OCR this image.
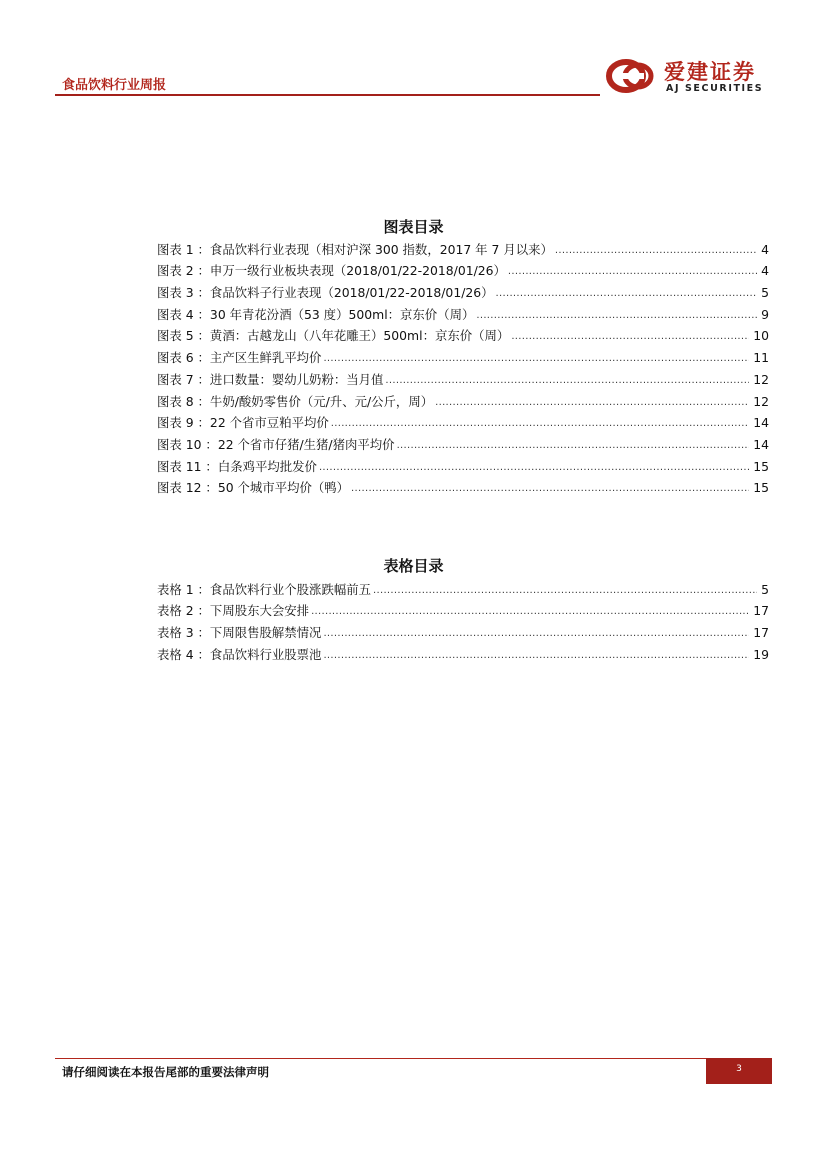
食品饮料行业周报
爱建证券
AJ SECURITIES
图表目录
图表 1 ：食品饮料行业表现（相对沪深 300 指数，2017 年 7 月以来） .....	4
图表 2 ：申万一级行业板块表现（2018/01/22-2018/01/26） .....	4
图表 3 ：食品饮料子行业表现（2018/01/22-2018/01/26） .....	5
图表 4 ：30 年青花汾酒（53 度）500ml：京东价（周） .....	9
图表 5 ：黄酒：古越龙山（八年花雕王）500ml：京东价（周） .....	10
图表 6 ：主产区生鲜乳平均价 .....	11
图表 7 ：进口数量：婴幼儿奶粉：当月值 .....	12
图表 8 ：牛奶/酸奶零售价（元/升、元/公斤，周） .....	12
图表 9 ：22 个省市豆粕平均价 .....	14
图表 10 ：22 个省市仔猪/生猪/猪肉平均价 .....	14
图表 11 ：白条鸡平均批发价 .....	15
图表 12 ：50 个城市平均价（鸭） .....	15
表格目录
表格 1 ：食品饮料行业个股涨跌幅前五 .....	5
表格 2 ：下周股东大会安排 .....	17
表格 3 ：下周限售股解禁情况 .....	17
表格 4 ：食品饮料行业股票池 .....	19
请仔细阅读在本报告尾部的重要法律声明	3
